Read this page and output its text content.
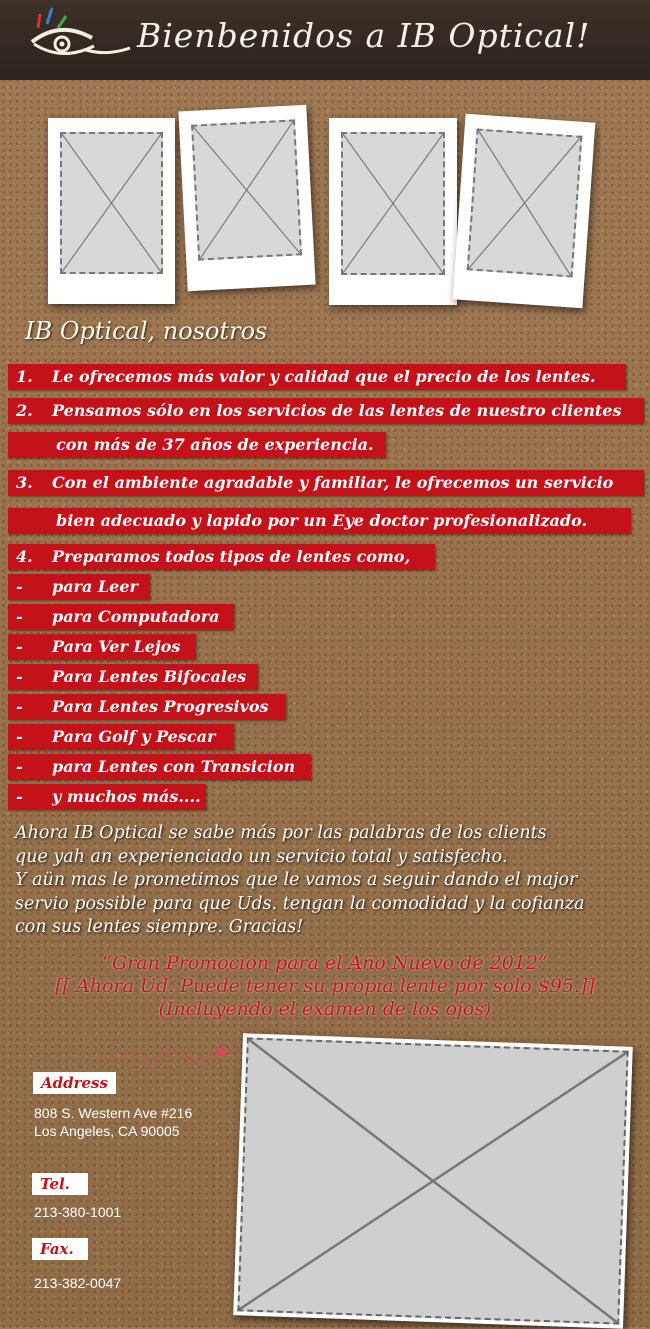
Bienbenidos a IB Optical!
IB Optical, nosotros
1. Le ofrecemos más valor y calidad que el precio de los lentes.
2. Pensamos sólo en los servicios de las lentes de nuestro clientes
con más de 37 años de experiencia.
3. Con el ambiente agradable y familiar, le ofrecemos un servicio
bien adecuado y lapido por un Eye doctor profesionalizado.
4. Preparamos todos tipos de lentes como,
- para Leer
- para Computadora
- Para Ver Lejos
- Para Lentes Bifocales
- Para Lentes Progresivos
- Para Golf y Pescar
- para Lentes con Transicion
- y muchos más....
Ahora IB Optical se sabe más por las palabras de los clients
que yah an experienciado un servicio total y satisfecho.
Y aün mas le prometimos que le vamos a seguir dando el major
servio possible para que Uds. tengan la comodidad y la cofianza
con sus lentes siempre. Gracias!
“Gran Promocion para el Año Nuevo de 2012”
[[ Ahora Ud. Puede tener su propia lente por solo $95.]]
(Incluyendo el examen de los ojos)
Address
808 S. Western Ave #216
Los Angeles, CA 90005
Tel.
213-380-1001
Fax.
213-382-0047
